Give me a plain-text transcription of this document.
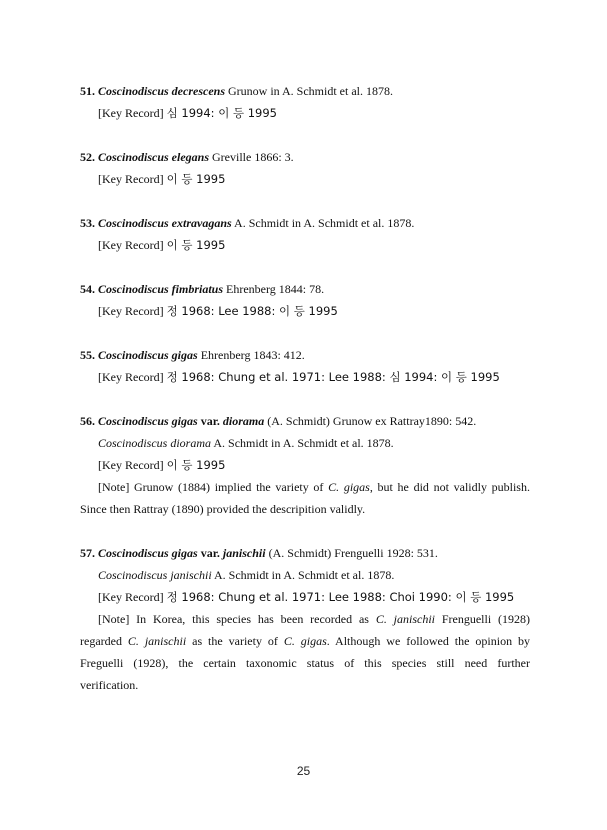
51. Coscinodiscus decrescens Grunow in A. Schmidt et al. 1878.
[Key Record] 심 1994: 이 등 1995
52. Coscinodiscus elegans Greville 1866: 3.
[Key Record] 이 등 1995
53. Coscinodiscus extravagans A. Schmidt in A. Schmidt et al. 1878.
[Key Record] 이 등 1995
54. Coscinodiscus fimbriatus Ehrenberg 1844: 78.
[Key Record] 정 1968: Lee 1988: 이 등 1995
55. Coscinodiscus gigas Ehrenberg 1843: 412.
[Key Record] 정 1968: Chung et al. 1971: Lee 1988: 심 1994: 이 등 1995
56. Coscinodiscus gigas var. diorama (A. Schmidt) Grunow ex Rattray1890: 542.
Coscinodiscus diorama A. Schmidt in A. Schmidt et al. 1878.
[Key Record] 이 등 1995
[Note] Grunow (1884) implied the variety of C. gigas, but he did not validly publish.
Since then Rattray (1890) provided the descripition validly.
57. Coscinodiscus gigas var. janischii (A. Schmidt) Frenguelli 1928: 531.
Coscinodiscus janischii A. Schmidt in A. Schmidt et al. 1878.
[Key Record] 정 1968: Chung et al. 1971: Lee 1988: Choi 1990: 이 등 1995
[Note] In Korea, this species has been recorded as C. janischii Frenguelli (1928)
regarded C. janischii as the variety of C. gigas. Although we followed the opinion by
Freguelli (1928), the certain taxonomic status of this species still need further
verification.
25
